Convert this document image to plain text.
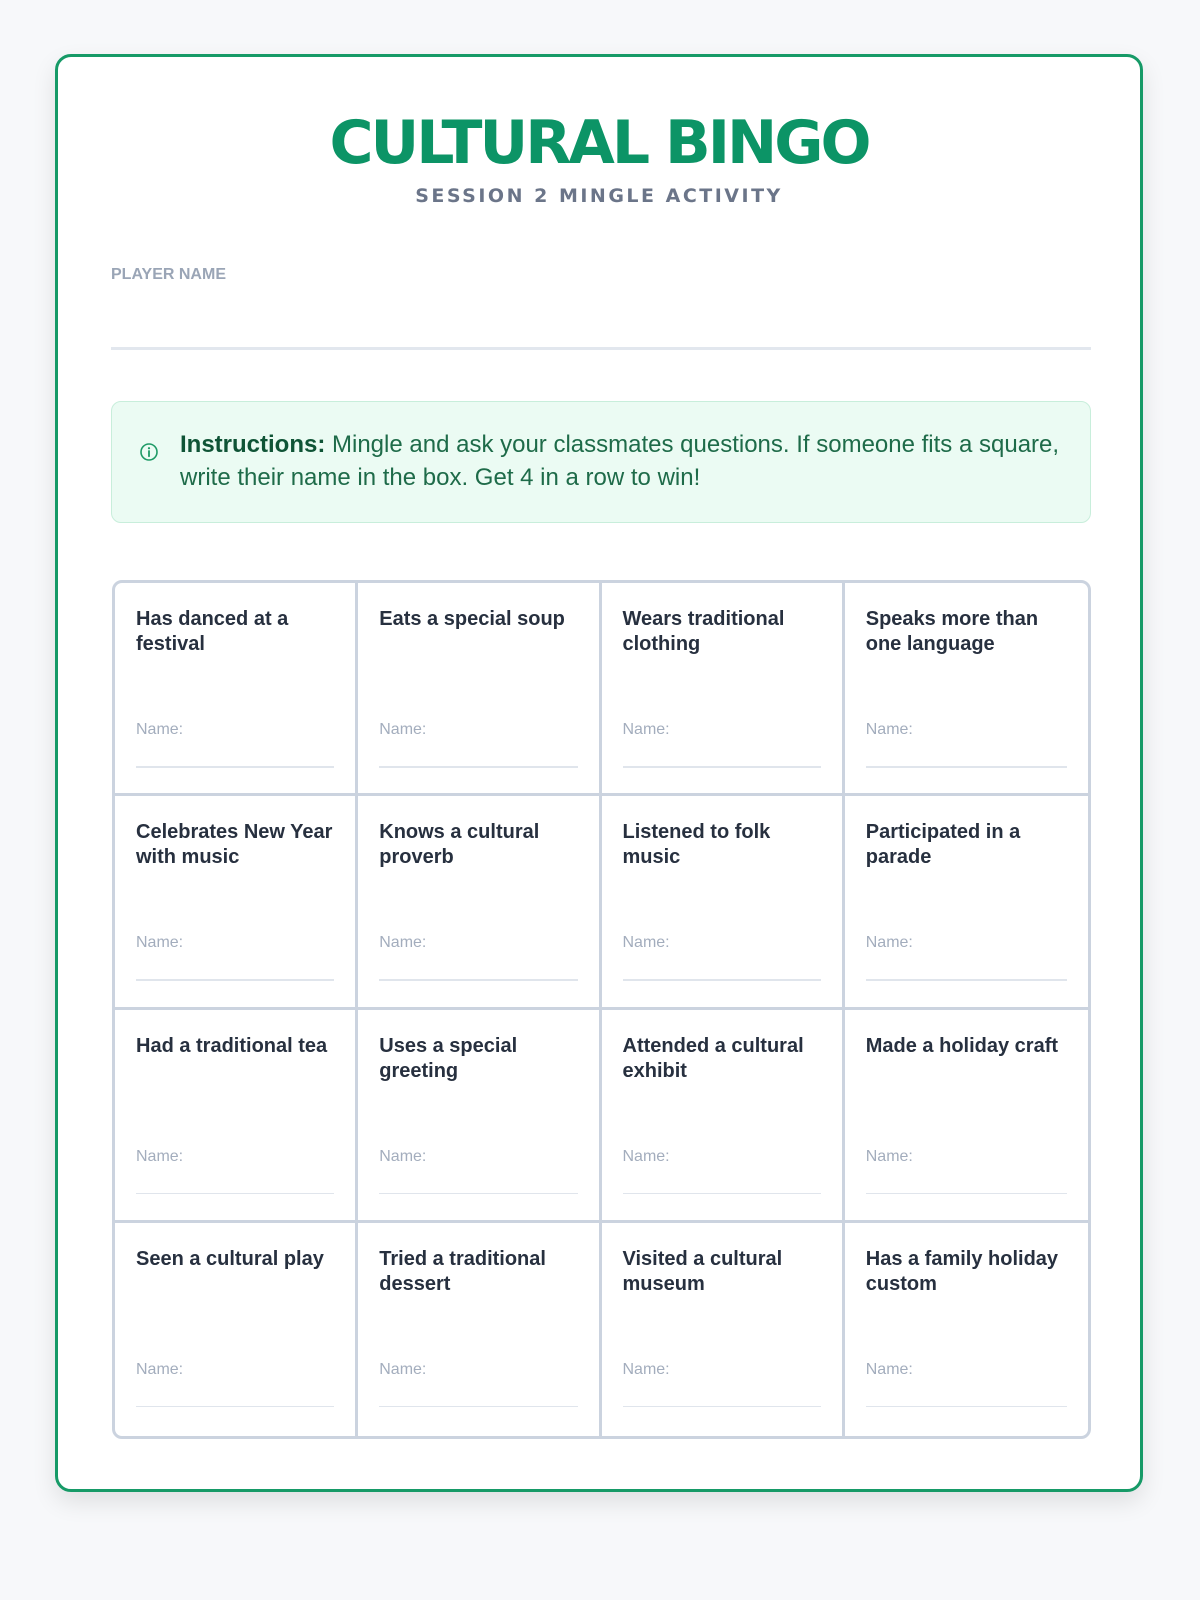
CULTURAL BINGO
SESSION 2 MINGLE ACTIVITY
PLAYER NAME
Instructions: Mingle and ask your classmates questions. If someone fits a square, write their name in the box. Get 4 in a row to win!
Has danced at a festival
Name:
Eats a special soup
Name:
Wears traditional clothing
Name:
Speaks more than one language
Name:
Celebrates New Year with music
Name:
Knows a cultural proverb
Name:
Listened to folk music
Name:
Participated in a parade
Name:
Had a traditional tea
Name:
Uses a special greeting
Name:
Attended a cultural exhibit
Name:
Made a holiday craft
Name:
Seen a cultural play
Name:
Tried a traditional dessert
Name:
Visited a cultural museum
Name:
Has a family holiday custom
Name:
